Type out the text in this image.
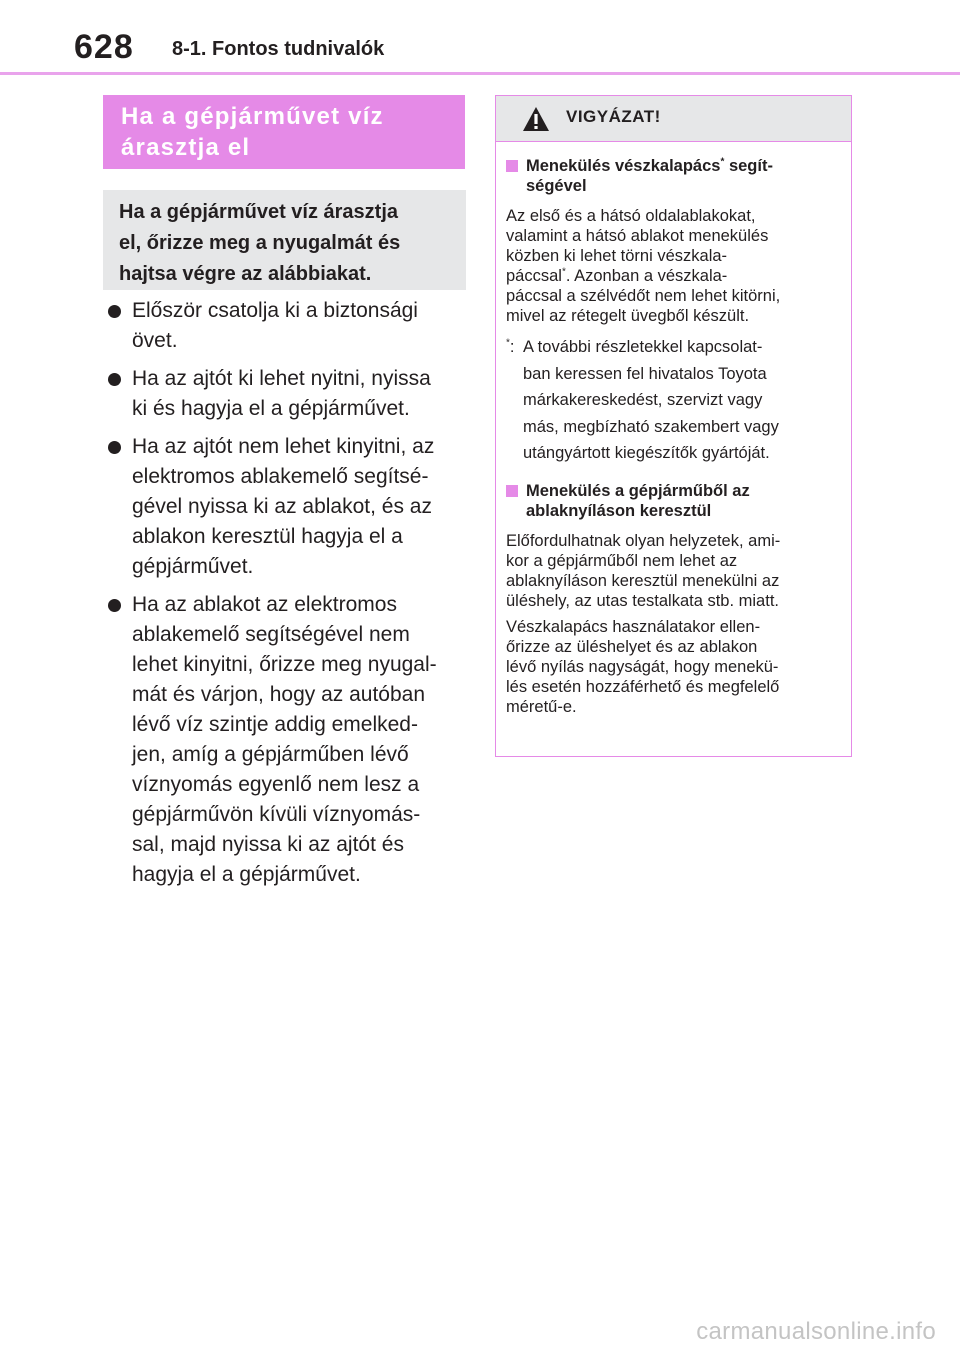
628 8-1. Fontos tudnivalók
Ha a gépjárművet víz
árasztja el
Ha a gépjárművet víz árasztja
el, őrizze meg a nyugalmát és
hajtsa végre az alábbiakat.
Először csatolja ki a biztonsági
övet.
Ha az ajtót ki lehet nyitni, nyissa
ki és hagyja el a gépjárművet.
Ha az ajtót nem lehet kinyitni, az
elektromos ablakemelő segítsé-
gével nyissa ki az ablakot, és az
ablakon keresztül hagyja el a
gépjárművet.
Ha az ablakot az elektromos
ablakemelő segítségével nem
lehet kinyitni, őrizze meg nyugal-
mát és várjon, hogy az autóban
lévő víz szintje addig emelked-
jen, amíg a gépjárműben lévő
víznyomás egyenlő nem lesz a
gépjárművön kívüli víznyomás-
sal, majd nyissa ki az ajtót és
hagyja el a gépjárművet.
VIGYÁZAT!
Menekülés vészkalapács* segít-
ségével
Az első és a hátsó oldalablakokat,
valamint a hátsó ablakot menekülés
közben ki lehet törni vészkala-
páccsal*. Azonban a vészkala-
páccsal a szélvédőt nem lehet kitörni,
mivel az rétegelt üvegből készült.
*: A további részletekkel kapcsolat-
ban keressen fel hivatalos Toyota
márkakereskedést, szervizt vagy
más, megbízható szakembert vagy
utángyártott kiegészítők gyártóját.
Menekülés a gépjárműből az
ablaknyíláson keresztül
Előfordulhatnak olyan helyzetek, ami-
kor a gépjárműből nem lehet az
ablaknyíláson keresztül menekülni az
üléshely, az utas testalkata stb. miatt.
Vészkalapács használatakor ellen-
őrizze az üléshelyet és az ablakon
lévő nyílás nagyságát, hogy menekü-
lés esetén hozzáférhető és megfelelő
méretű-e.
carmanualsonline.info
